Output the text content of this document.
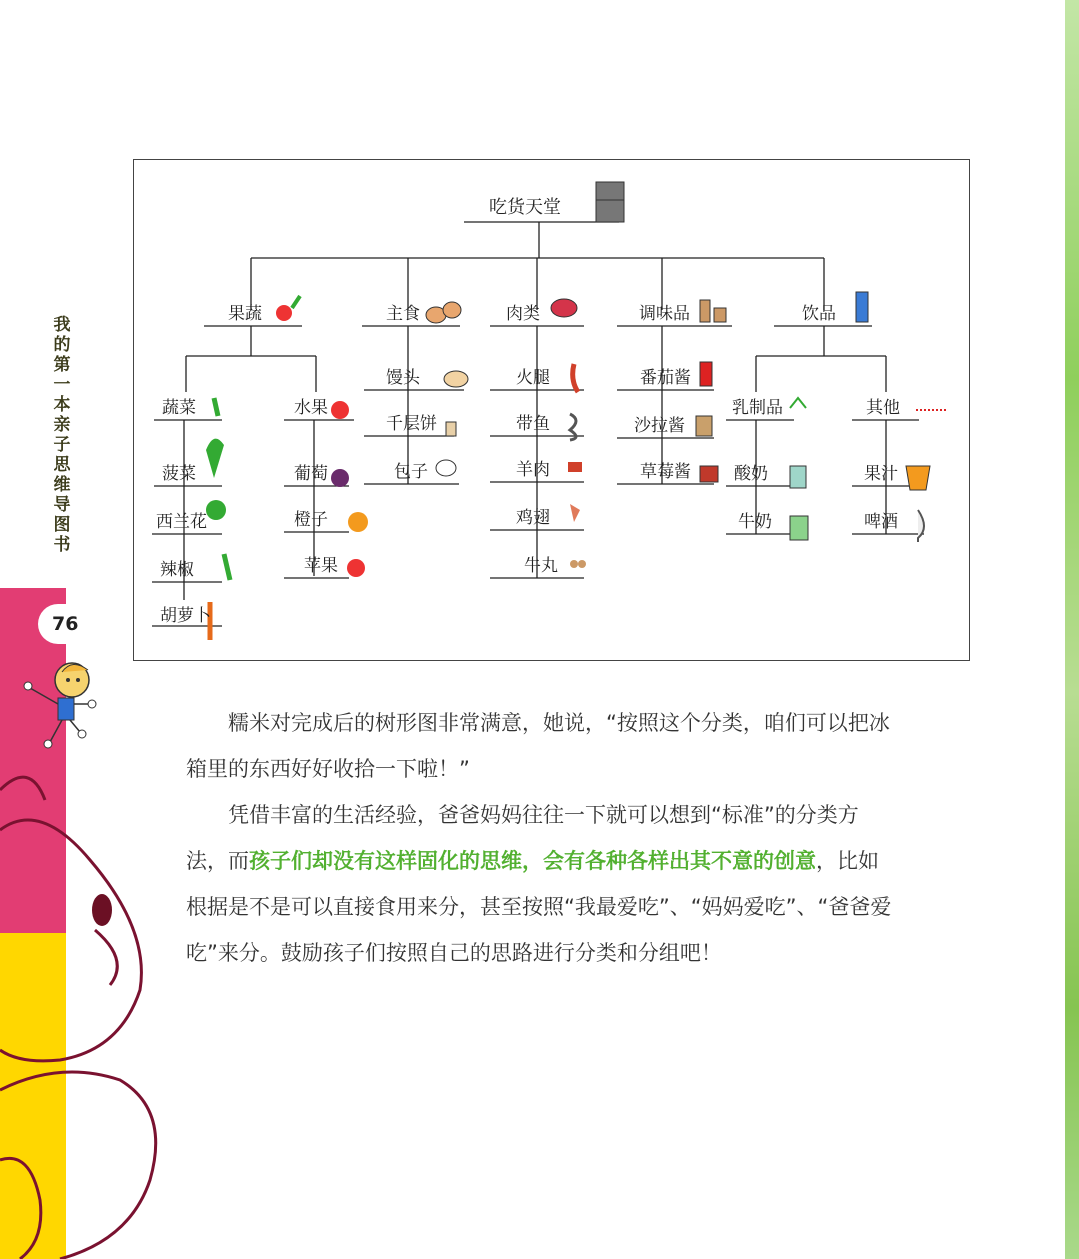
我的第一本亲子思维导图书
76
吃货天堂
果蔬	主食	肉类	调味品	饮品
蔬菜
菠菜
西兰花
辣椒
胡萝卜
水果
葡萄
橙子
苹果
馒头
千层饼
包子
火腿
带鱼
羊肉
鸡翅
牛丸
番茄酱
沙拉酱
草莓酱
乳制品
酸奶
牛奶
其他
果汁
啤酒

糯米对完成后的树形图非常满意，她说，“按照这个分类，咱们可以把冰箱里的东西好好收拾一下啦！”

凭借丰富的生活经验，爸爸妈妈往往一下就可以想到“标准”的分类方法，而孩子们却没有这样固化的思维，会有各种各样出其不意的创意，比如根据是不是可以直接食用来分，甚至按照“我最爱吃”、“妈妈爱吃”、“爸爸爱吃”来分。鼓励孩子们按照自己的思路进行分类和分组吧！
